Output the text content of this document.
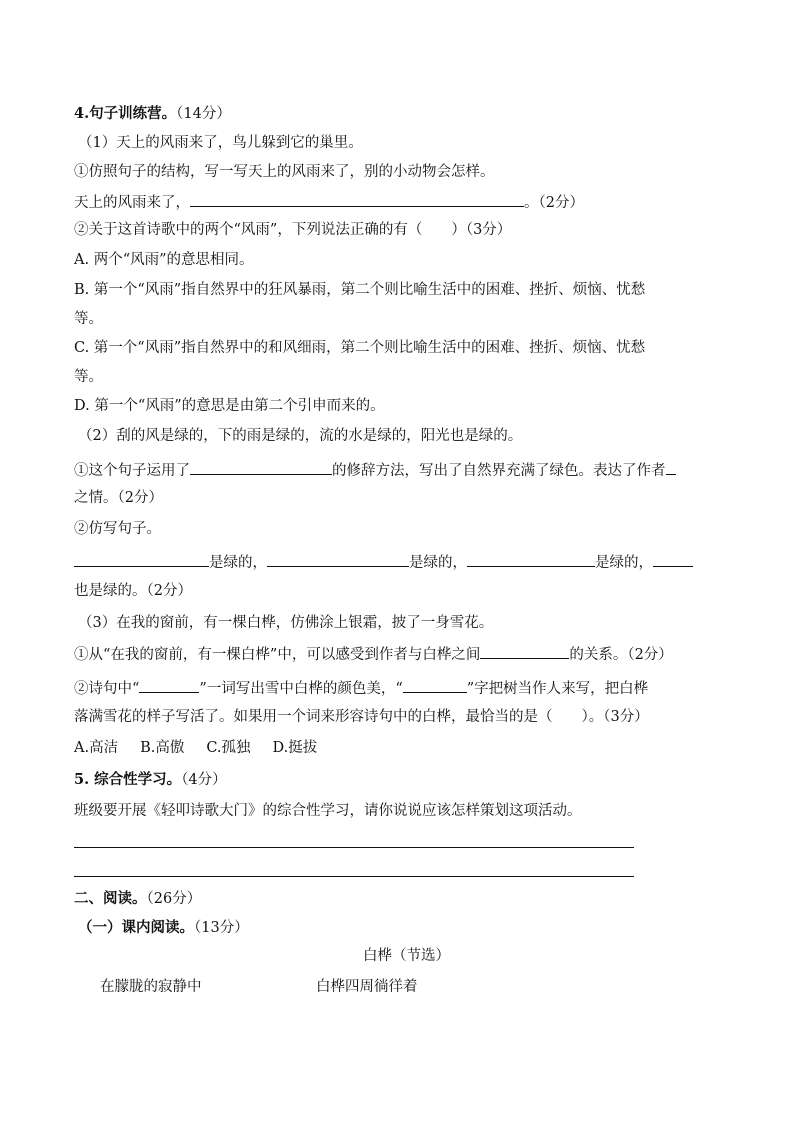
4.句子训练营。（14分）
（1）天上的风雨来了，鸟儿躲到它的巢里。
①仿照句子的结构，写一写天上的风雨来了，别的小动物会怎样。
天上的风雨来了，	。（2分）
②关于这首诗歌中的两个“风雨”，下列说法正确的有（　　）（3分）
A. 两个“风雨”的意思相同。
B. 第一个“风雨”指自然界中的狂风暴雨，第二个则比喻生活中的困难、挫折、烦恼、忧愁
等。
C. 第一个“风雨”指自然界中的和风细雨，第二个则比喻生活中的困难、挫折、烦恼、忧愁
等。
D. 第一个“风雨”的意思是由第二个引申而来的。
（2）刮的风是绿的，下的雨是绿的，流的水是绿的，阳光也是绿的。
①这个句子运用了	的修辞方法，写出了自然界充满了绿色。表达了作者
之情。（2分）
②仿写句子。
是绿的，	是绿的，	是绿的，
也是绿的。（2分）
（3）在我的窗前，有一棵白桦，仿佛涂上银霜，披了一身雪花。
①从“在我的窗前，有一棵白桦”中，可以感受到作者与白桦之间	的关系。（2分）
②诗句中“	”一词写出雪中白桦的颜色美，“	”字把树当作人来写，把白桦
落满雪花的样子写活了。如果用一个词来形容诗句中的白桦，最恰当的是（　　）。（3分）
A.高洁 B.高傲 C.孤独 D.挺拔
5. 综合性学习。（4分）
班级要开展《轻叩诗歌大门》的综合性学习，请你说说应该怎样策划这项活动。
二、阅读。（26分）
（一）课内阅读。（13分）
白桦（节选）
在朦胧的寂静中	白桦四周徜徉着
